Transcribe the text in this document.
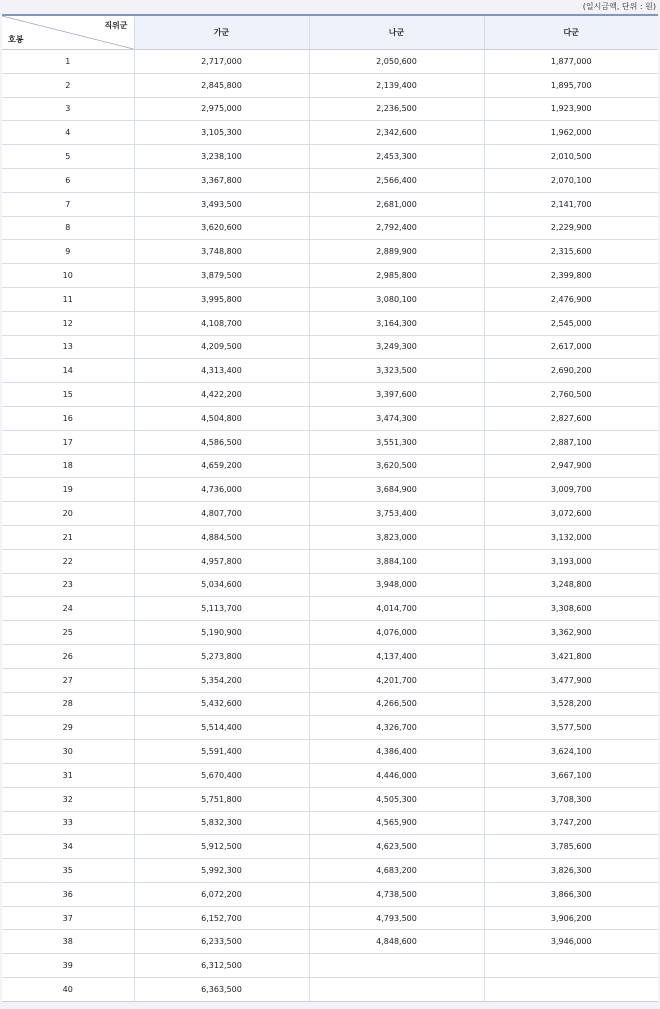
(일시금액, 단위 : 원)
직위군
호봉	가군	나군	다군
1	2,717,000	2,050,600	1,877,000
2	2,845,800	2,139,400	1,895,700
3	2,975,000	2,236,500	1,923,900
4	3,105,300	2,342,600	1,962,000
5	3,238,100	2,453,300	2,010,500
6	3,367,800	2,566,400	2,070,100
7	3,493,500	2,681,000	2,141,700
8	3,620,600	2,792,400	2,229,900
9	3,748,800	2,889,900	2,315,600
10	3,879,500	2,985,800	2,399,800
11	3,995,800	3,080,100	2,476,900
12	4,108,700	3,164,300	2,545,000
13	4,209,500	3,249,300	2,617,000
14	4,313,400	3,323,500	2,690,200
15	4,422,200	3,397,600	2,760,500
16	4,504,800	3,474,300	2,827,600
17	4,586,500	3,551,300	2,887,100
18	4,659,200	3,620,500	2,947,900
19	4,736,000	3,684,900	3,009,700
20	4,807,700	3,753,400	3,072,600
21	4,884,500	3,823,000	3,132,000
22	4,957,800	3,884,100	3,193,000
23	5,034,600	3,948,000	3,248,800
24	5,113,700	4,014,700	3,308,600
25	5,190,900	4,076,000	3,362,900
26	5,273,800	4,137,400	3,421,800
27	5,354,200	4,201,700	3,477,900
28	5,432,600	4,266,500	3,528,200
29	5,514,400	4,326,700	3,577,500
30	5,591,400	4,386,400	3,624,100
31	5,670,400	4,446,000	3,667,100
32	5,751,800	4,505,300	3,708,300
33	5,832,300	4,565,900	3,747,200
34	5,912,500	4,623,500	3,785,600
35	5,992,300	4,683,200	3,826,300
36	6,072,200	4,738,500	3,866,300
37	6,152,700	4,793,500	3,906,200
38	6,233,500	4,848,600	3,946,000
39	6,312,500		
40	6,363,500		
